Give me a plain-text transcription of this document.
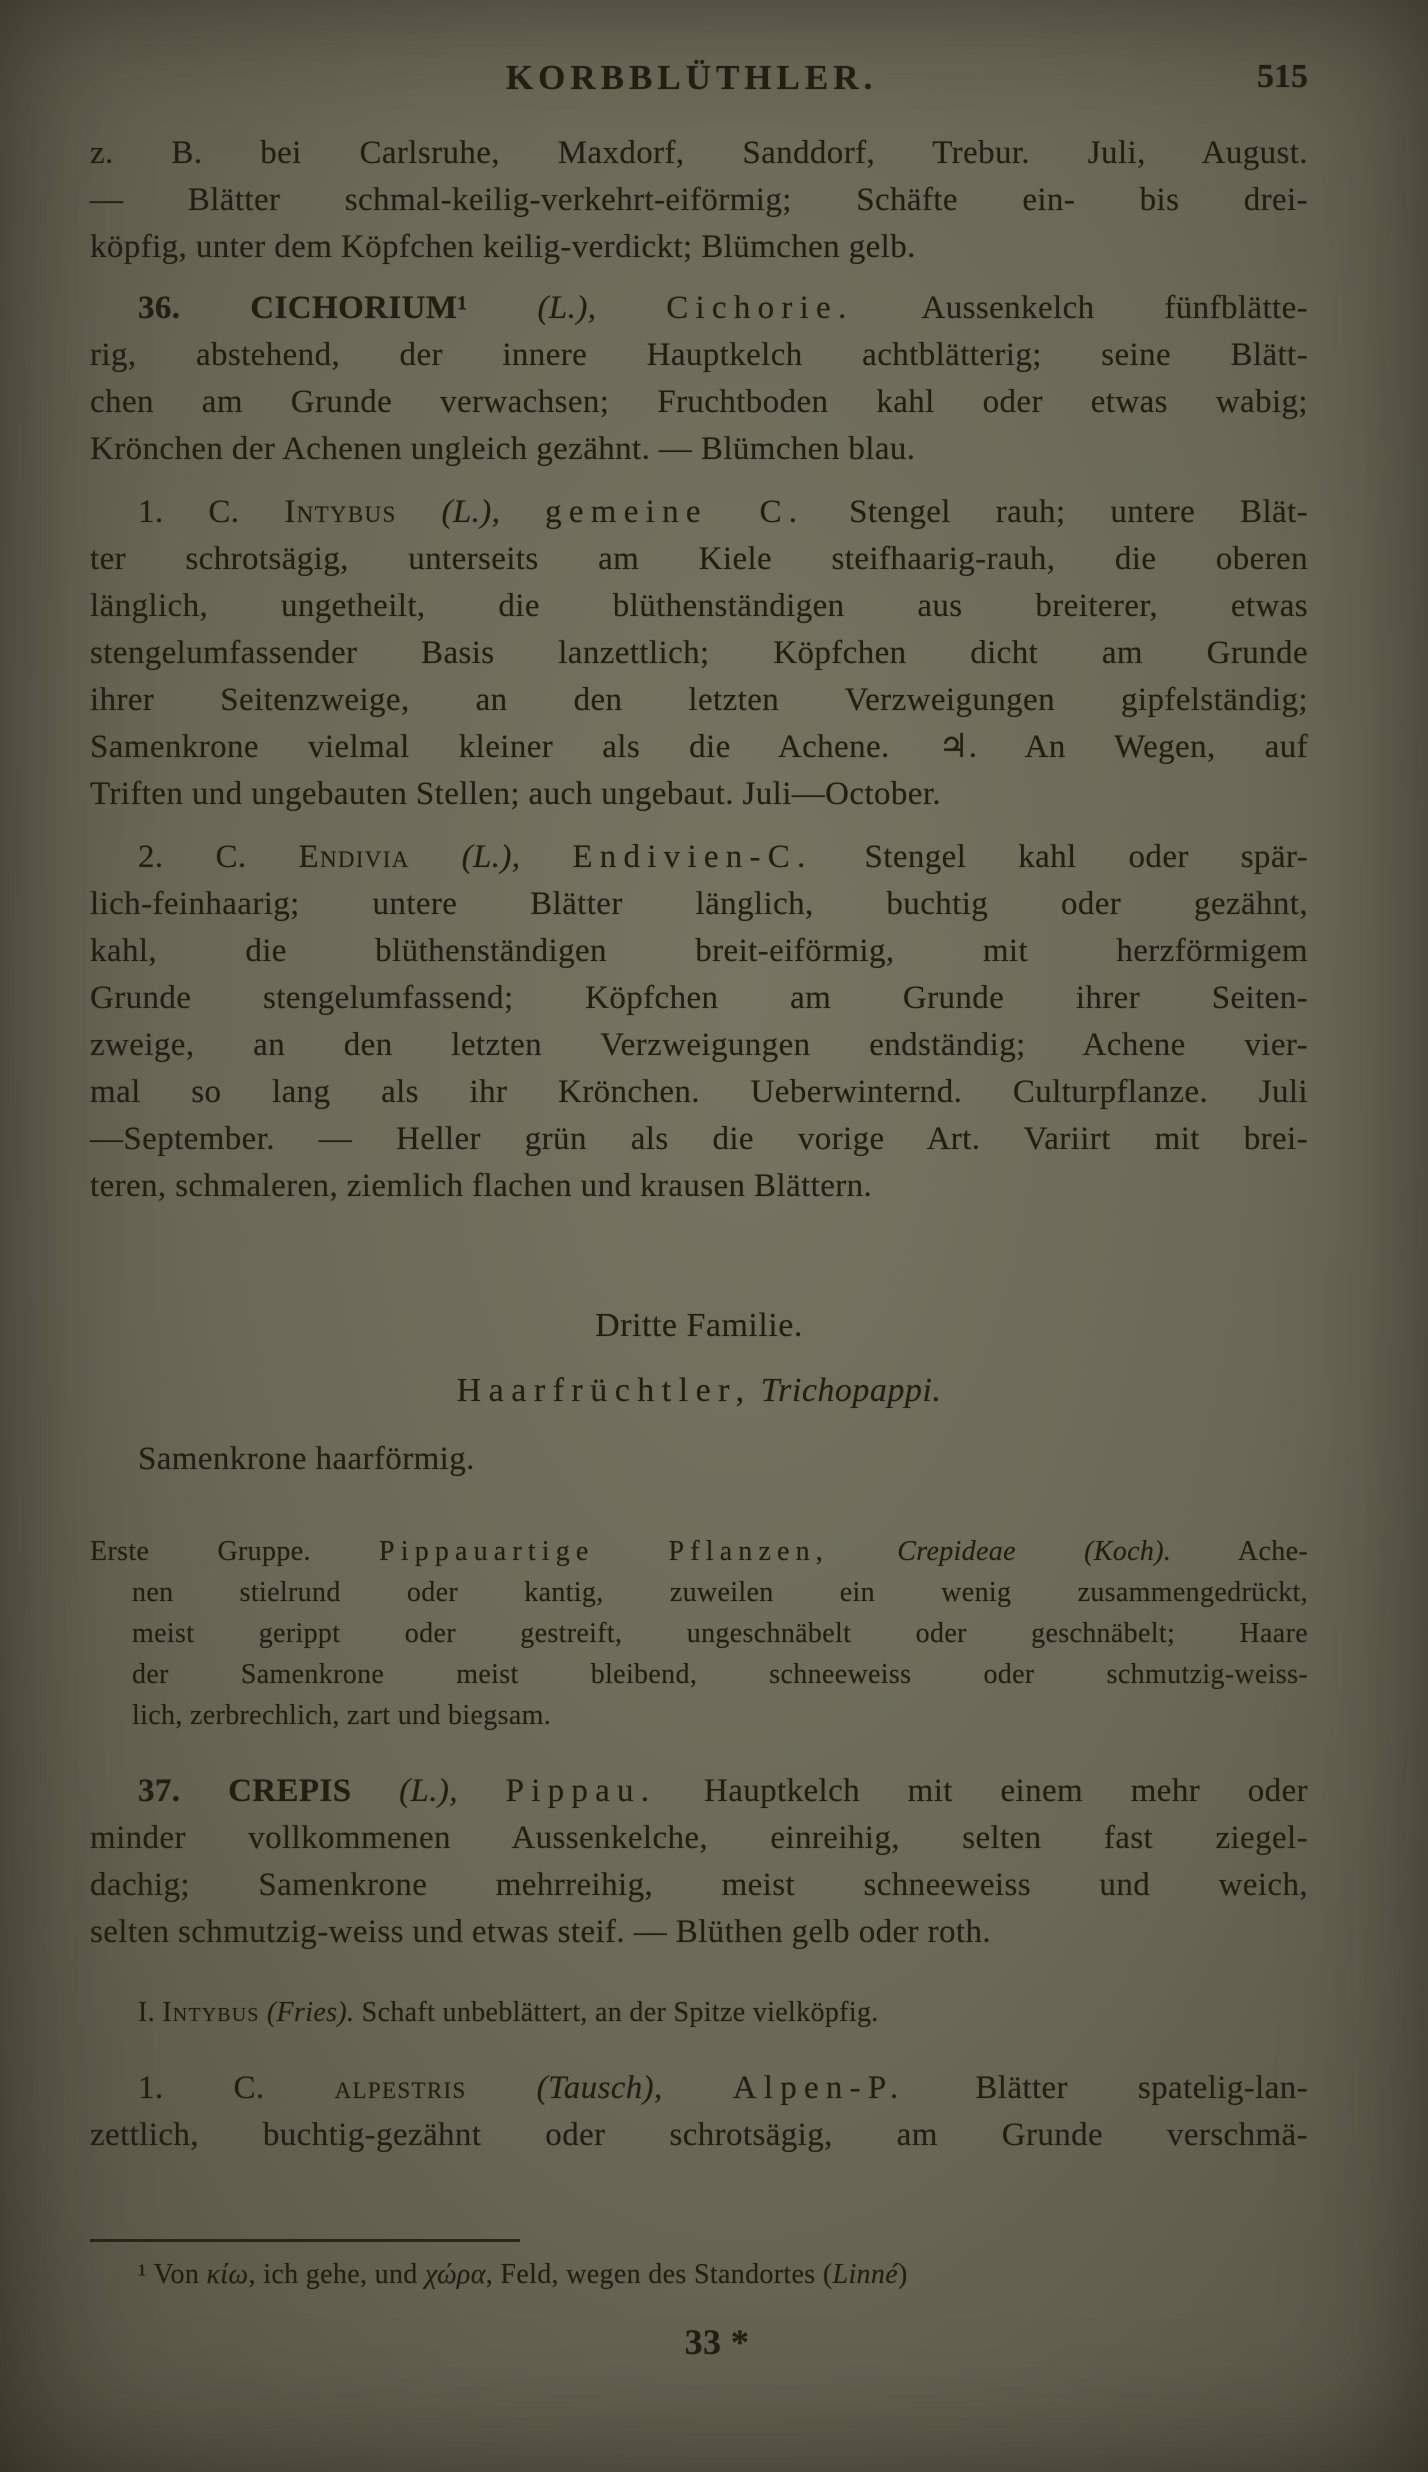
KORBBLÜTHLER.	515
z. B. bei Carlsruhe, Maxdorf, Sanddorf, Trebur. Juli, August.
— Blätter schmal-keilig-verkehrt-eiförmig; Schäfte ein- bis drei-
köpfig, unter dem Köpfchen keilig-verdickt; Blümchen gelb.
36. CICHORIUM¹ (L.), Cichorie. Aussenkelch fünfblätte-
rig, abstehend, der innere Hauptkelch achtblätterig; seine Blätt-
chen am Grunde verwachsen; Fruchtboden kahl oder etwas wabig;
Krönchen der Achenen ungleich gezähnt. — Blümchen blau.
1. C. Intybus (L.), gemeine C. Stengel rauh; untere Blät-
ter schrotsägig, unterseits am Kiele steifhaarig-rauh, die oberen
länglich, ungetheilt, die blüthenständigen aus breiterer, etwas
stengelumfassender Basis lanzettlich; Köpfchen dicht am Grunde
ihrer Seitenzweige, an den letzten Verzweigungen gipfelständig;
Samenkrone vielmal kleiner als die Achene. ♃. An Wegen, auf
Triften und ungebauten Stellen; auch ungebaut. Juli—October.
2. C. Endivia (L.), Endivien-C. Stengel kahl oder spär-
lich-feinhaarig; untere Blätter länglich, buchtig oder gezähnt,
kahl, die blüthenständigen breit-eiförmig, mit herzförmigem
Grunde stengelumfassend; Köpfchen am Grunde ihrer Seiten-
zweige, an den letzten Verzweigungen endständig; Achene vier-
mal so lang als ihr Krönchen. Ueberwinternd. Culturpflanze. Juli
—September. — Heller grün als die vorige Art. Variirt mit brei-
teren, schmaleren, ziemlich flachen und krausen Blättern.
Dritte Familie.
Haarfrüchtler, Trichopappi.
Samenkrone haarförmig.
Erste Gruppe. Pippauartige Pflanzen, Crepideae (Koch). Ache-
nen stielrund oder kantig, zuweilen ein wenig zusammengedrückt,
meist gerippt oder gestreift, ungeschnäbelt oder geschnäbelt; Haare
der Samenkrone meist bleibend, schneeweiss oder schmutzig-weiss-
lich, zerbrechlich, zart und biegsam.
37. CREPIS (L.), Pippau. Hauptkelch mit einem mehr oder
minder vollkommenen Aussenkelche, einreihig, selten fast ziegel-
dachig; Samenkrone mehrreihig, meist schneeweiss und weich,
selten schmutzig-weiss und etwas steif. — Blüthen gelb oder roth.
I. Intybus (Fries). Schaft unbeblättert, an der Spitze vielköpfig.
1. C. alpestris (Tausch), Alpen-P. Blätter spatelig-lan-
zettlich, buchtig-gezähnt oder schrotsägig, am Grunde verschmä-
¹ Von κίω, ich gehe, und χώρα, Feld, wegen des Standortes (Linné)
33 *
